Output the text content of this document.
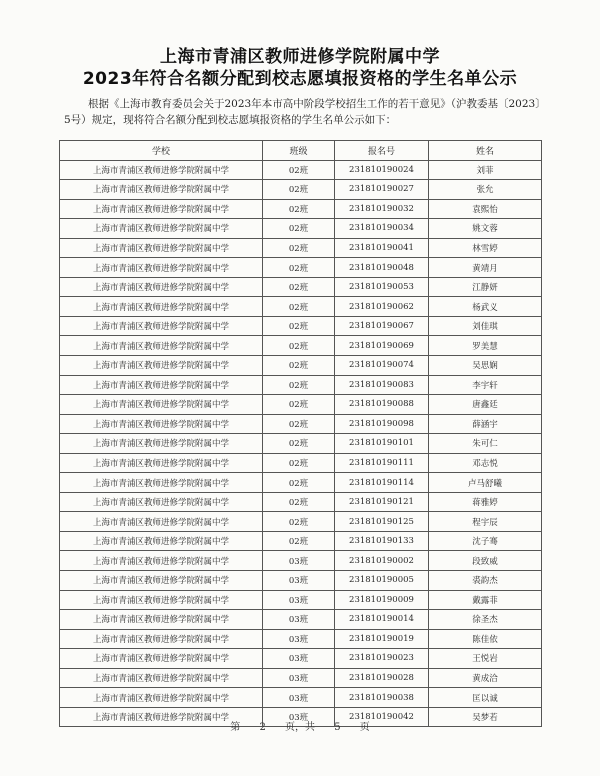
上海市青浦区教师进修学院附属中学
2023年符合名额分配到校志愿填报资格的学生名单公示
根据《上海市教育委员会关于2023年本市高中阶段学校招生工作的若干意见》（沪教委基〔2023〕5号）规定，现将符合名额分配到校志愿填报资格的学生名单公示如下：
学校	班级	报名号	姓名
上海市青浦区教师进修学院附属中学	02班	231810190024	刘菲
上海市青浦区教师进修学院附属中学	02班	231810190027	张允
上海市青浦区教师进修学院附属中学	02班	231810190032	袁熙怡
上海市青浦区教师进修学院附属中学	02班	231810190034	姚文蓉
上海市青浦区教师进修学院附属中学	02班	231810190041	林雪婷
上海市青浦区教师进修学院附属中学	02班	231810190048	黄靖月
上海市青浦区教师进修学院附属中学	02班	231810190053	江静妍
上海市青浦区教师进修学院附属中学	02班	231810190062	杨武义
上海市青浦区教师进修学院附属中学	02班	231810190067	刘佳琪
上海市青浦区教师进修学院附属中学	02班	231810190069	罗美慧
上海市青浦区教师进修学院附属中学	02班	231810190074	吴思娴
上海市青浦区教师进修学院附属中学	02班	231810190083	李宇轩
上海市青浦区教师进修学院附属中学	02班	231810190088	唐鑫廷
上海市青浦区教师进修学院附属中学	02班	231810190098	薛涵宇
上海市青浦区教师进修学院附属中学	02班	231810190101	朱可仁
上海市青浦区教师进修学院附属中学	02班	231810190111	邓志悦
上海市青浦区教师进修学院附属中学	02班	231810190114	卢马舒曦
上海市青浦区教师进修学院附属中学	02班	231810190121	蒋雅婷
上海市青浦区教师进修学院附属中学	02班	231810190125	程宇辰
上海市青浦区教师进修学院附属中学	02班	231810190133	沈子骞
上海市青浦区教师进修学院附属中学	03班	231810190002	段致威
上海市青浦区教师进修学院附属中学	03班	231810190005	裘韵杰
上海市青浦区教师进修学院附属中学	03班	231810190009	戴露菲
上海市青浦区教师进修学院附属中学	03班	231810190014	徐圣杰
上海市青浦区教师进修学院附属中学	03班	231810190019	陈佳依
上海市青浦区教师进修学院附属中学	03班	231810190023	王悦岩
上海市青浦区教师进修学院附属中学	03班	231810190028	黄成洽
上海市青浦区教师进修学院附属中学	03班	231810190038	匡以诚
上海市青浦区教师进修学院附属中学	03班	231810190042	吴梦若
第 2 页，共 5 页
